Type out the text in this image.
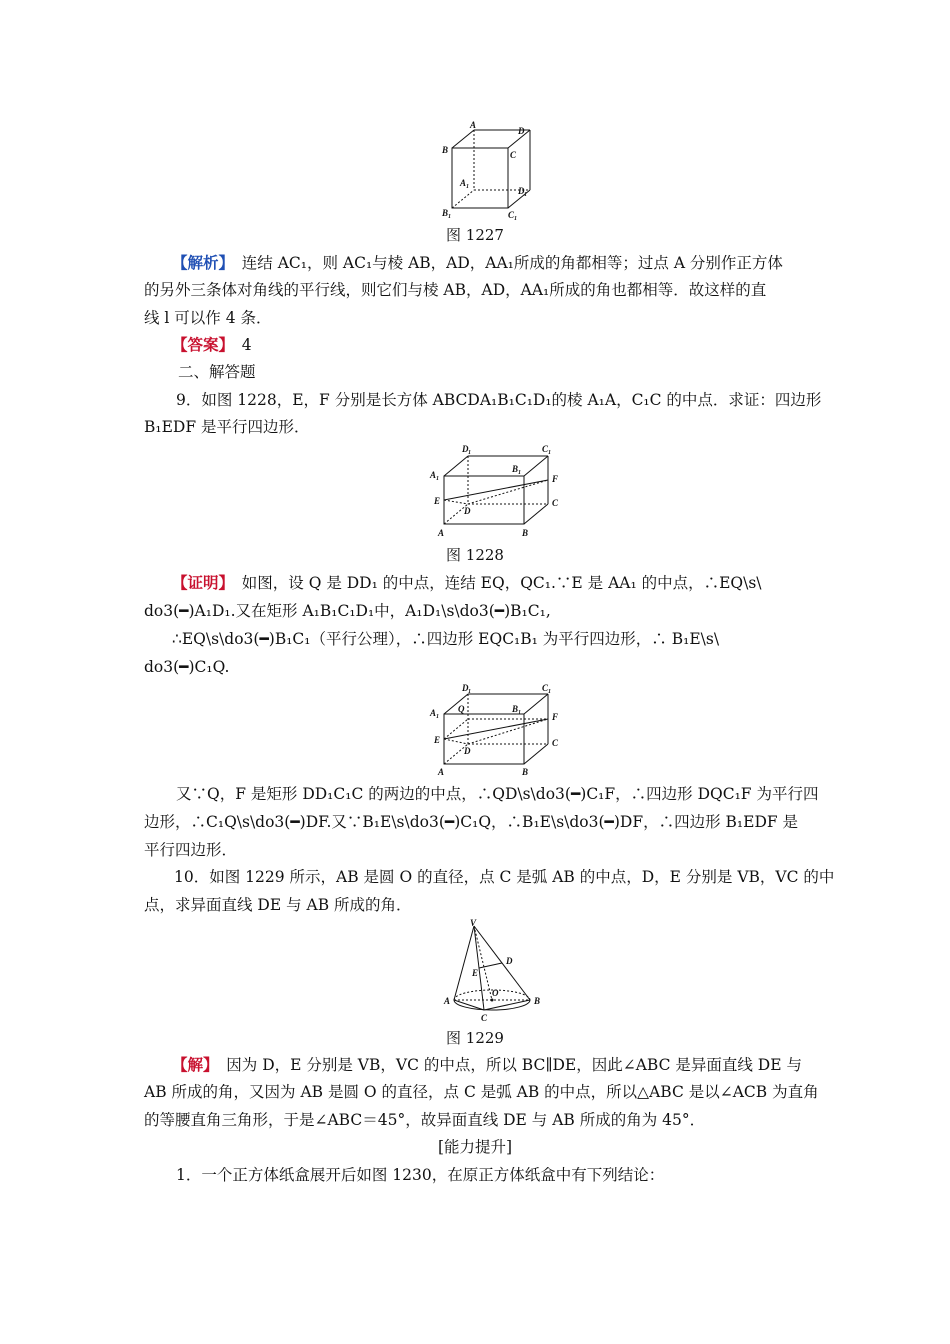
A
D
B	C
A 1	D 1
B 1	C 1
图 1227
【解析】　连结 AC₁，则 AC₁与棱 AB，AD，AA₁所成的角都相等；过点 A 分别作正方体
的另外三条体对角线的平行线，则它们与棱 AB，AD，AA₁所成的角也都相等．故这样的直
线 l 可以作 4 条．
【答案】　4
二、解答题
9．如图 1228，E，F 分别是长方体 ABCDA₁B₁C₁D₁的棱 A₁A，C₁C 的中点．求证：四边形
B₁EDF 是平行四边形．
D 1	C 1
A 1
B 1
F
E	C
D
A	B
图 1228
【证明】　如图，设 Q 是 DD₁ 的中点，连结 EQ，QC₁.∵E 是 AA₁ 的中点，∴EQ\s\
do3(━)A₁D₁.又在矩形 A₁B₁C₁D₁中，A₁D₁\s\do3(━)B₁C₁,
∴EQ\s\do3(━)B₁C₁（平行公理），∴四边形 EQC₁B₁ 为平行四边形，∴ B₁E\s\
do3(━)C₁Q.
D 1	C 1
A 1
Q	B 1	F
E	C
D
A	B
又∵Q，F 是矩形 DD₁C₁C 的两边的中点，∴QD\s\do3(━)C₁F，∴四边形 DQC₁F 为平行四
边形，∴C₁Q\s\do3(━)DF.又∵B₁E\s\do3(━)C₁Q，∴B₁E\s\do3(━)DF，∴四边形 B₁EDF 是
平行四边形．
10．如图 1229 所示，AB 是圆 O 的直径，点 C 是弧 AB 的中点，D，E 分别是 VB，VC 的中
点，求异面直线 DE 与 AB 所成的角．
V
D
E
A
O
B
C
图 1229
【解】　因为 D，E 分别是 VB，VC 的中点，所以 BC∥DE，因此∠ABC 是异面直线 DE 与
AB 所成的角，又因为 AB 是圆 O 的直径，点 C 是弧 AB 的中点，所以△ABC 是以∠ACB 为直角
的等腰直角三角形，于是∠ABC＝45°，故异面直线 DE 与 AB 所成的角为 45°．
[能力提升]
1．一个正方体纸盒展开后如图 1230，在原正方体纸盒中有下列结论：
